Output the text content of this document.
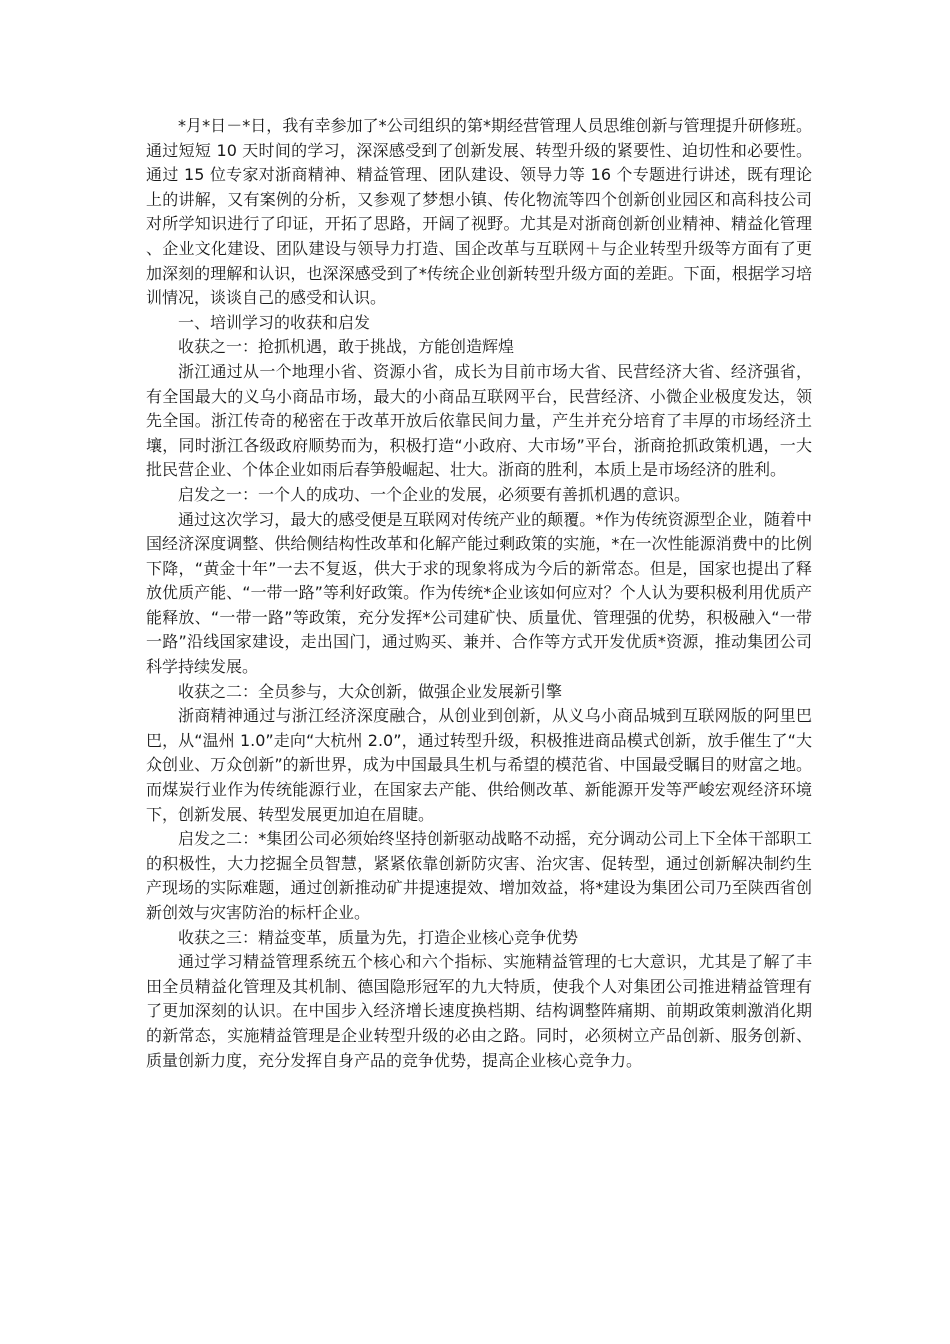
*月*日－*日，我有幸参加了*公司组织的第*期经营管理人员思维创新与管理提升研修班。通过短短 10 天时间的学习，深深感受到了创新发展、转型升级的紧要性、迫切性和必要性。通过 15 位专家对浙商精神、精益管理、团队建设、领导力等 16 个专题进行讲述，既有理论上的讲解，又有案例的分析，又参观了梦想小镇、传化物流等四个创新创业园区和高科技公司对所学知识进行了印证，开拓了思路，开阔了视野。尤其是对浙商创新创业精神、精益化管理、企业文化建设、团队建设与领导力打造、国企改革与互联网＋与企业转型升级等方面有了更加深刻的理解和认识，也深深感受到了*传统企业创新转型升级方面的差距。下面，根据学习培训情况，谈谈自己的感受和认识。

一、培训学习的收获和启发

收获之一：抢抓机遇，敢于挑战，方能创造辉煌

浙江通过从一个地理小省、资源小省，成长为目前市场大省、民营经济大省、经济强省，有全国最大的义乌小商品市场，最大的小商品互联网平台，民营经济、小微企业极度发达，领先全国。浙江传奇的秘密在于改革开放后依靠民间力量，产生并充分培育了丰厚的市场经济土壤，同时浙江各级政府顺势而为，积极打造“小政府、大市场”平台，浙商抢抓政策机遇，一大批民营企业、个体企业如雨后春笋般崛起、壮大。浙商的胜利，本质上是市场经济的胜利。

启发之一：一个人的成功、一个企业的发展，必须要有善抓机遇的意识。

通过这次学习，最大的感受便是互联网对传统产业的颠覆。*作为传统资源型企业，随着中国经济深度调整、供给侧结构性改革和化解产能过剩政策的实施，*在一次性能源消费中的比例下降，“黄金十年”一去不复返，供大于求的现象将成为今后的新常态。但是，国家也提出了释放优质产能、“一带一路”等利好政策。作为传统*企业该如何应对？个人认为要积极利用优质产能释放、“一带一路”等政策，充分发挥*公司建矿快、质量优、管理强的优势，积极融入“一带一路”沿线国家建设，走出国门，通过购买、兼并、合作等方式开发优质*资源，推动集团公司科学持续发展。

收获之二：全员参与，大众创新，做强企业发展新引擎

浙商精神通过与浙江经济深度融合，从创业到创新，从义乌小商品城到互联网版的阿里巴巴，从“温州 1.0”走向“大杭州 2.0”，通过转型升级，积极推进商品模式创新，放手催生了“大众创业、万众创新”的新世界，成为中国最具生机与希望的模范省、中国最受瞩目的财富之地。而煤炭行业作为传统能源行业，在国家去产能、供给侧改革、新能源开发等严峻宏观经济环境下，创新发展、转型发展更加迫在眉睫。

启发之二：*集团公司必须始终坚持创新驱动战略不动摇，充分调动公司上下全体干部职工的积极性，大力挖掘全员智慧，紧紧依靠创新防灾害、治灾害、促转型，通过创新解决制约生产现场的实际难题，通过创新推动矿井提速提效、增加效益，将*建设为集团公司乃至陕西省创新创效与灾害防治的标杆企业。

收获之三：精益变革，质量为先，打造企业核心竞争优势

通过学习精益管理系统五个核心和六个指标、实施精益管理的七大意识，尤其是了解了丰田全员精益化管理及其机制、德国隐形冠军的九大特质，使我个人对集团公司推进精益管理有了更加深刻的认识。在中国步入经济增长速度换档期、结构调整阵痛期、前期政策刺激消化期的新常态，实施精益管理是企业转型升级的必由之路。同时，必须树立产品创新、服务创新、质量创新力度，充分发挥自身产品的竞争优势，提高企业核心竞争力。
